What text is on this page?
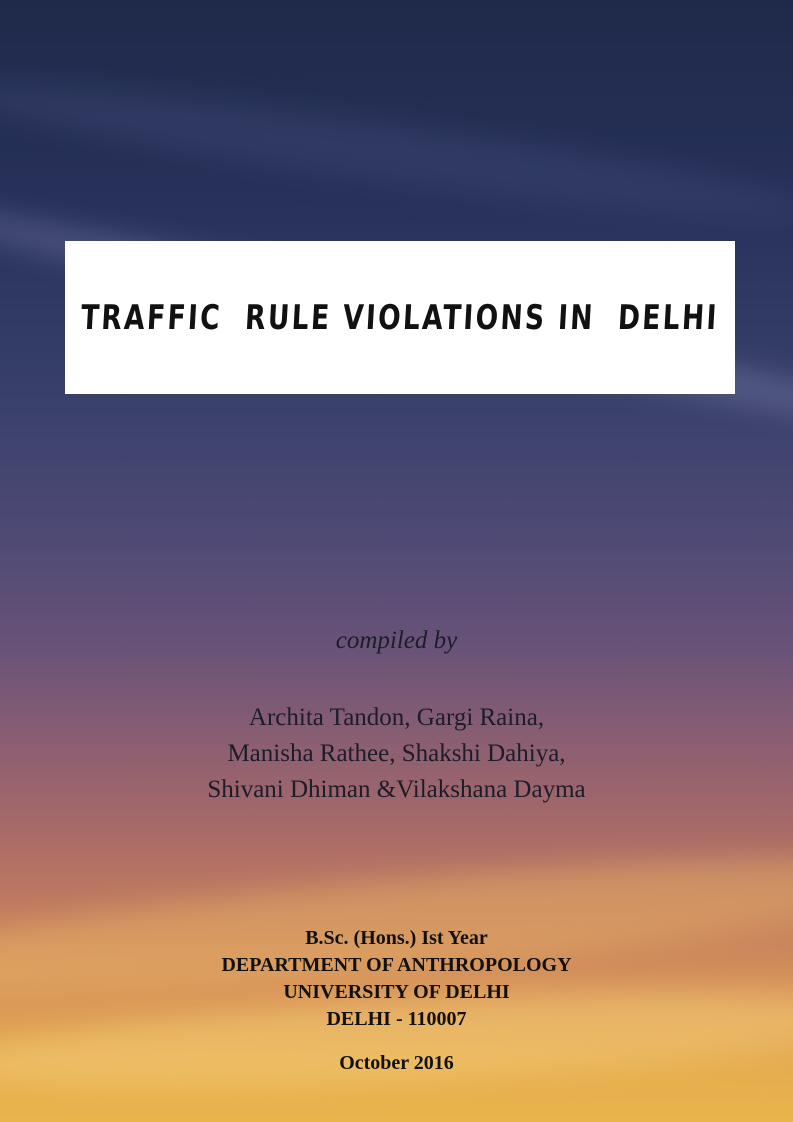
TRAFFIC  RULE VIOLATIONS IN  DELHI
compiled by
Archita Tandon, Gargi Raina,
Manisha Rathee, Shakshi Dahiya,
Shivani Dhiman &Vilakshana Dayma
B.Sc. (Hons.) Ist Year
DEPARTMENT OF ANTHROPOLOGY
UNIVERSITY OF DELHI
DELHI - 110007
October 2016
